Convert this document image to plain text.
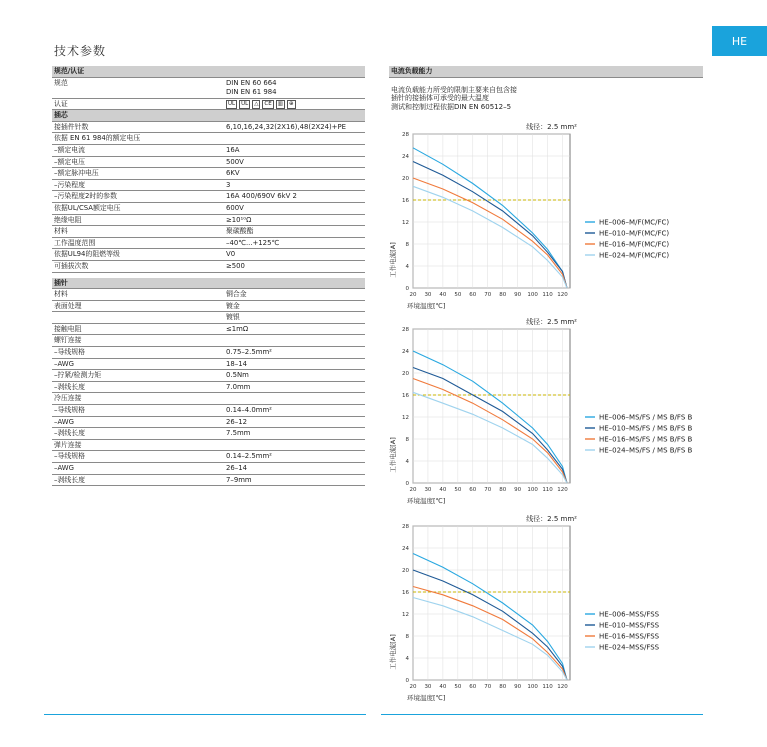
HE
技术参数
规范/认证
规范	DIN EN 60 664
DIN EN 61 984
认证	UL	UL	△	CE	▥	⊕
插芯
接插件针数	6,10,16,24,32(2X16),48(2X24)+PE
依据 EN 61 984的额定电压
–额定电流	16A
–额定电压	500V
–额定脉冲电压	6KV
–污染程度	3
–污染程度2时的参数	16A 400/690V 6kV 2
依据UL/CSA额定电压	600V
绝缘电阻	≥10¹⁰Ω
材料	聚碳酸酯
工作温度范围	–40℃...+125℃
依据UL94的阻燃等级	V0
可插拔次数	≥500
插针
材料	铜合金
表面处理	镀金
镀银
接触电阻	≤1mΩ
螺钉连接
–导线规格	0.75–2.5mm²
–AWG	18–14
–拧紧/检测力矩	0.5Nm
–剥线长度	7.0mm
冷压连接
–导线规格	0.14–4.0mm²
–AWG	26–12
–剥线长度	7.5mm
弹片连接
–导线规格	0.14–2.5mm²
–AWG	26–14
–剥线长度	7–9mm
电流负载能力
电流负载能力所受的限制主要来自包含接
插针的接插体可承受的最大温度
测试和控制过程依据DIN EN 60512–5
20 30 40 50 60 70 80 90 100 110 120
0
4
8
12
16
20
24
28
线径：2.5 mm²
环境温度[℃]
工作电流[A]
HE–006–M/F(MC/FC)
HE–010–M/F(MC/FC)
HE–016–M/F(MC/FC)
HE–024–M/F(MC/FC)
20 30 40 50 60 70 80 90 100 110 120
0
4
8
12
16
20
24
28
线径：2.5 mm²
环境温度[℃]
工作电流[A]
HE–006–MS/FS / MS B/FS B
HE–010–MS/FS / MS B/FS B
HE–016–MS/FS / MS B/FS B
HE–024–MS/FS / MS B/FS B
20 30 40 50 60 70 80 90 100 110 120
0
4
8
12
16
20
24
28
线径：2.5 mm²
环境温度[℃]
工作电流[A]
HE–006–MSS/FSS
HE–010–MSS/FSS
HE–016–MSS/FSS
HE–024–MSS/FSS
